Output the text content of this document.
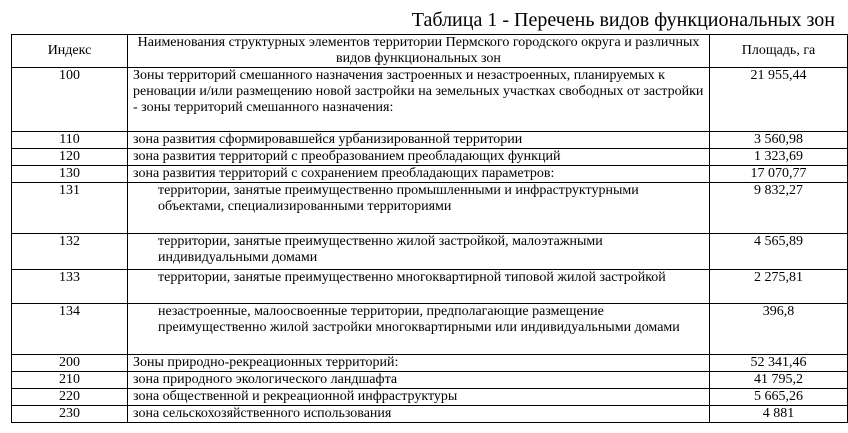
Таблица 1 - Перечень видов функциональных зон
Индекс	Наименования структурных элементов территории Пермского городского округа и различных видов функциональных зон	Площадь, га
100	Зоны территорий смешанного назначения застроенных и незастроенных, планируемых к реновации и/или размещению новой застройки на земельных участках свободных от застройки - зоны территорий смешанного назначения:	21 955,44
110	зона развития сформировавшейся урбанизированной территории	3 560,98
120	зона развития территорий с преобразованием преобладающих функций	1 323,69
130	зона развития территорий с сохранением преобладающих параметров:	17 070,77
131	территории, занятые преимущественно промышленными и инфраструктурными объектами, специализированными территориями	9 832,27
132	территории, занятые преимущественно жилой застройкой, малоэтажными индивидуальными домами	4 565,89
133	территории, занятые преимущественно многоквартирной типовой жилой застройкой	2 275,81
134	незастроенные, малоосвоенные территории, предполагающие размещение преимущественно жилой застройки многоквартирными или индивидуальными домами	396,8
200	Зоны природно-рекреационных территорий:	52 341,46
210	зона природного экологического ландшафта	41 795,2
220	зона общественной и рекреационной инфраструктуры	5 665,26
230	зона сельскохозяйственного использования	4 881
